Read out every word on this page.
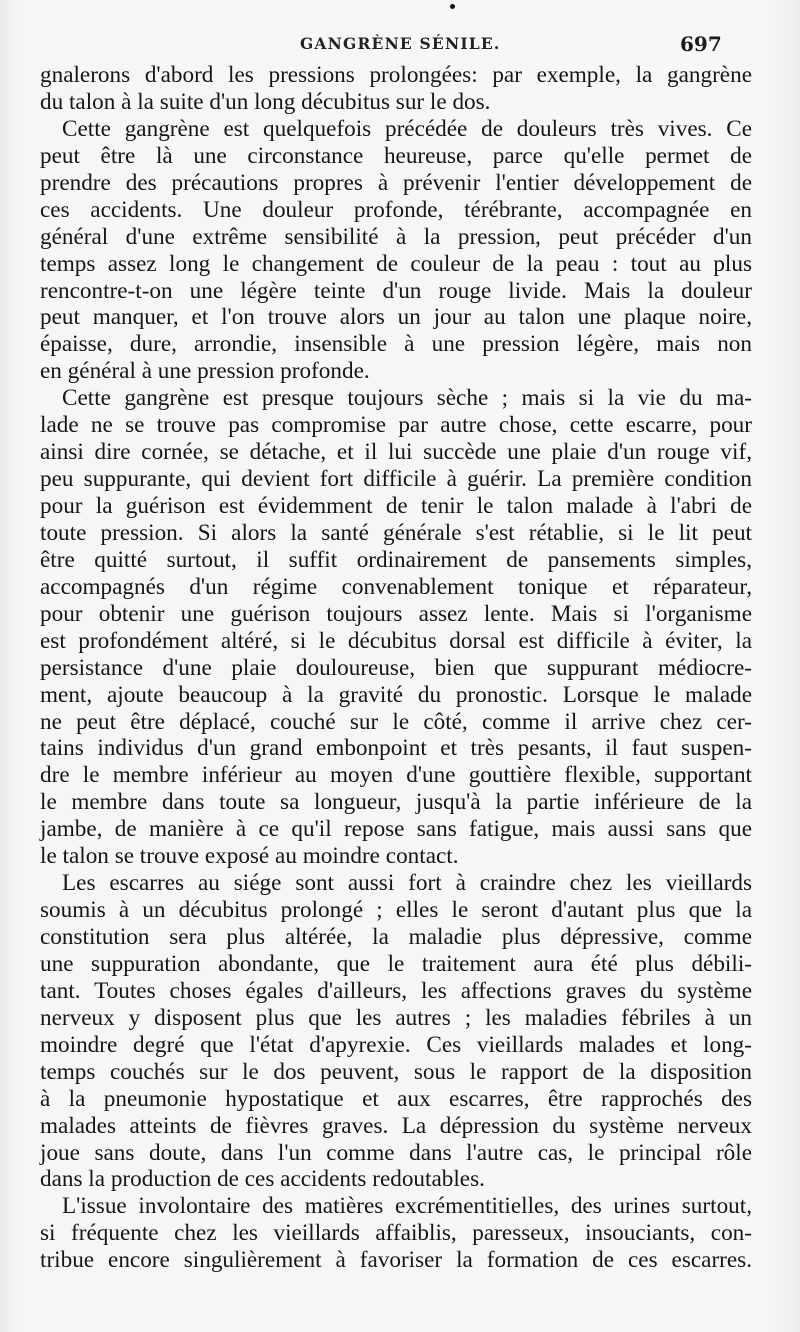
GANGRÈNE SÉNILE.	697
gnalerons d'abord les pressions prolongées: par exemple, la gangrène
du talon à la suite d'un long décubitus sur le dos.
Cette gangrène est quelquefois précédée de douleurs très vives. Ce
peut être là une circonstance heureuse, parce qu'elle permet de
prendre des précautions propres à prévenir l'entier développement de
ces accidents. Une douleur profonde, térébrante, accompagnée en
général d'une extrême sensibilité à la pression, peut précéder d'un
temps assez long le changement de couleur de la peau : tout au plus
rencontre-t-on une légère teinte d'un rouge livide. Mais la douleur
peut manquer, et l'on trouve alors un jour au talon une plaque noire,
épaisse, dure, arrondie, insensible à une pression légère, mais non
en général à une pression profonde.
Cette gangrène est presque toujours sèche ; mais si la vie du ma-
lade ne se trouve pas compromise par autre chose, cette escarre, pour
ainsi dire cornée, se détache, et il lui succède une plaie d'un rouge vif,
peu suppurante, qui devient fort difficile à guérir. La première condition
pour la guérison est évidemment de tenir le talon malade à l'abri de
toute pression. Si alors la santé générale s'est rétablie, si le lit peut
être quitté surtout, il suffit ordinairement de pansements simples,
accompagnés d'un régime convenablement tonique et réparateur,
pour obtenir une guérison toujours assez lente. Mais si l'organisme
est profondément altéré, si le décubitus dorsal est difficile à éviter, la
persistance d'une plaie douloureuse, bien que suppurant médiocre-
ment, ajoute beaucoup à la gravité du pronostic. Lorsque le malade
ne peut être déplacé, couché sur le côté, comme il arrive chez cer-
tains individus d'un grand embonpoint et très pesants, il faut suspen-
dre le membre inférieur au moyen d'une gouttière flexible, supportant
le membre dans toute sa longueur, jusqu'à la partie inférieure de la
jambe, de manière à ce qu'il repose sans fatigue, mais aussi sans que
le talon se trouve exposé au moindre contact.
Les escarres au siége sont aussi fort à craindre chez les vieillards
soumis à un décubitus prolongé ; elles le seront d'autant plus que la
constitution sera plus altérée, la maladie plus dépressive, comme
une suppuration abondante, que le traitement aura été plus débili-
tant. Toutes choses égales d'ailleurs, les affections graves du système
nerveux y disposent plus que les autres ; les maladies fébriles à un
moindre degré que l'état d'apyrexie. Ces vieillards malades et long-
temps couchés sur le dos peuvent, sous le rapport de la disposition
à la pneumonie hypostatique et aux escarres, être rapprochés des
malades atteints de fièvres graves. La dépression du système nerveux
joue sans doute, dans l'un comme dans l'autre cas, le principal rôle
dans la production de ces accidents redoutables.
L'issue involontaire des matières excrémentitielles, des urines surtout,
si fréquente chez les vieillards affaiblis, paresseux, insouciants, con-
tribue encore singulièrement à favoriser la formation de ces escarres.
